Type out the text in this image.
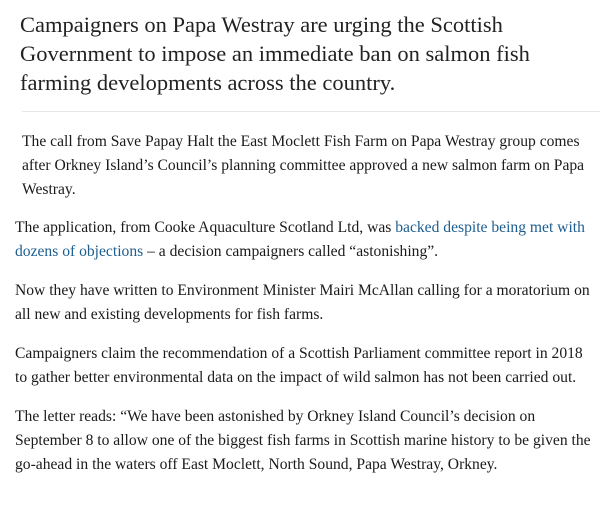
Campaigners on Papa Westray are urging the Scottish Government to impose an immediate ban on salmon fish farming developments across the country.

The call from Save Papay Halt the East Moclett Fish Farm on Papa Westray group comes after Orkney Island’s Council’s planning committee approved a new salmon farm on Papa Westray.

The application, from Cooke Aquaculture Scotland Ltd, was backed despite being met with dozens of objections – a decision campaigners called “astonishing”.

Now they have written to Environment Minister Mairi McAllan calling for a moratorium on all new and existing developments for fish farms.

Campaigners claim the recommendation of a Scottish Parliament committee report in 2018 to gather better environmental data on the impact of wild salmon has not been carried out.

The letter reads: “We have been astonished by Orkney Island Council’s decision on September 8 to allow one of the biggest fish farms in Scottish marine history to be given the go-ahead in the waters off East Moclett, North Sound, Papa Westray, Orkney.
